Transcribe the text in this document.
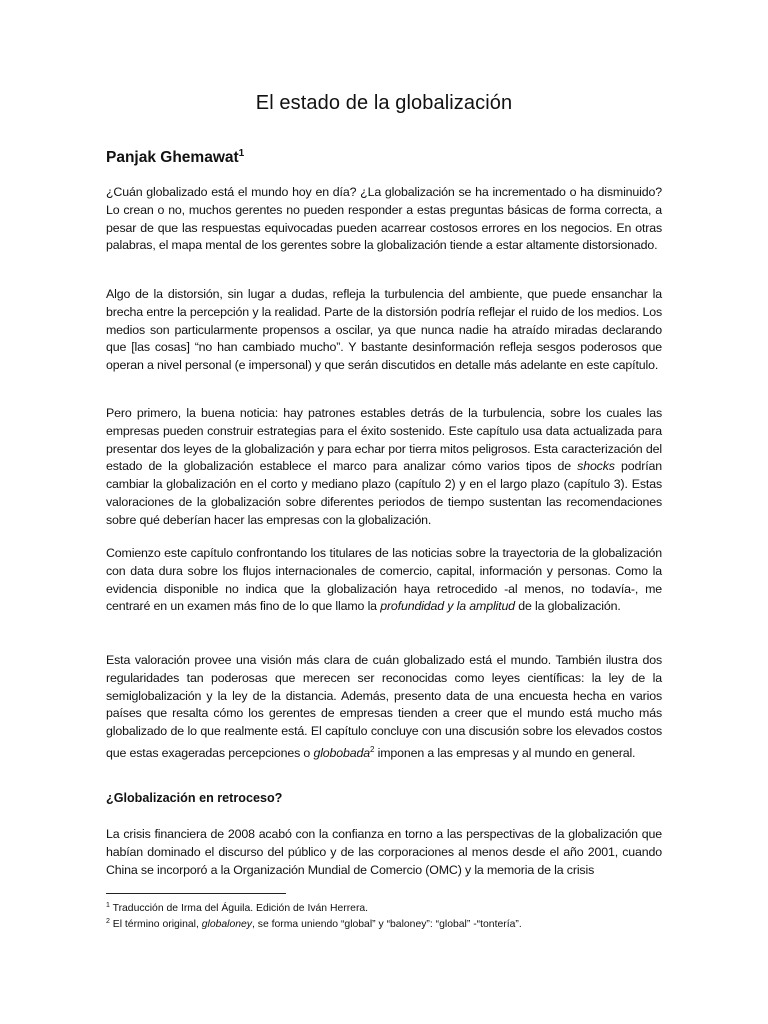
El estado de la globalización

Panjak Ghemawat$^1$

¿Cuán globalizado está el mundo hoy en día? ¿La globalización se ha incrementado o ha disminuido? Lo crean o no, muchos gerentes no pueden responder a estas preguntas básicas de forma correcta, a pesar de que las respuestas equivocadas pueden acarrear costosos errores en los negocios. En otras palabras, el mapa mental de los gerentes sobre la globalización tiende a estar altamente distorsionado.

Algo de la distorsión, sin lugar a dudas, refleja la turbulencia del ambiente, que puede ensanchar la brecha entre la percepción y la realidad. Parte de la distorsión podría reflejar el ruido de los medios. Los medios son particularmente propensos a oscilar, ya que nunca nadie ha atraído miradas declarando que [las cosas] “no han cambiado mucho”. Y bastante desinformación refleja sesgos poderosos que operan a nivel personal (e impersonal) y que serán discutidos en detalle más adelante en este capítulo.

Pero primero, la buena noticia: hay patrones estables detrás de la turbulencia, sobre los cuales las empresas pueden construir estrategias para el éxito sostenido. Este capítulo usa data actualizada para presentar dos leyes de la globalización y para echar por tierra mitos peligrosos. Esta caracterización del estado de la globalización establece el marco para analizar cómo varios tipos de shocks podrían cambiar la globalización en el corto y mediano plazo (capítulo 2) y en el largo plazo (capítulo 3). Estas valoraciones de la globalización sobre diferentes periodos de tiempo sustentan las recomendaciones sobre qué deberían hacer las empresas con la globalización.

Comienzo este capítulo confrontando los titulares de las noticias sobre la trayectoria de la globalización con data dura sobre los flujos internacionales de comercio, capital, información y personas. Como la evidencia disponible no indica que la globalización haya retrocedido -al menos, no todavía-, me centraré en un examen más fino de lo que llamo la profundidad y la amplitud de la globalización.

Esta valoración provee una visión más clara de cuán globalizado está el mundo. También ilustra dos regularidades tan poderosas que merecen ser reconocidas como leyes científicas: la ley de la semiglobalización y la ley de la distancia. Además, presento data de una encuesta hecha en varios países que resalta cómo los gerentes de empresas tienden a creer que el mundo está mucho más globalizado de lo que realmente está. El capítulo concluye con una discusión sobre los elevados costos que estas exageradas percepciones o globobada$^2$ imponen a las empresas y al mundo en general.

¿Globalización en retroceso?

La crisis financiera de 2008 acabó con la confianza en torno a las perspectivas de la globalización que habían dominado el discurso del público y de las corporaciones al menos desde el año 2001, cuando China se incorporó a la Organización Mundial de Comercio (OMC) y la memoria de la crisis

$^1$ Traducción de Irma del Águila. Edición de Iván Herrera.

$^2$ El término original, globaloney, se forma uniendo “global” y “baloney”: “global” -“tontería”.
